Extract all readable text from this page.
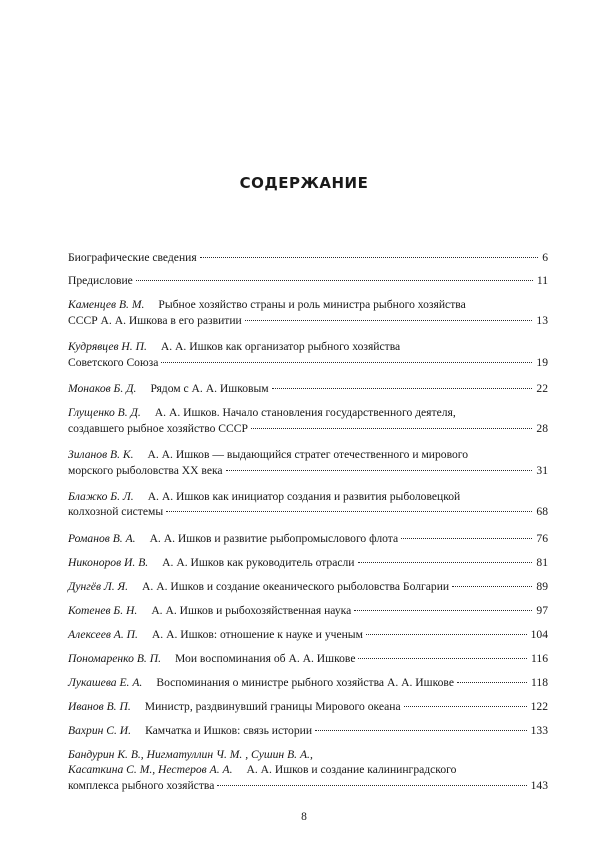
СОДЕРЖАНИЕ
Биографические сведения	6
Предисловие	11
Каменцев В. М. Рыбное хозяйство страны и роль министра рыбного хозяйства
СССР А. А. Ишкова в его развитии	13
Кудрявцев Н. П. А. А. Ишков как организатор рыбного хозяйства
Советского Союза	19
Монаков Б. Д. Рядом с А. А. Ишковым	22
Глущенко В. Д. А. А. Ишков. Начало становления государственного деятеля,
создавшего рыбное хозяйство СССР	28
Зиланов В. К. А. А. Ишков — выдающийся стратег отечественного и мирового
морского рыболовства XX века	31
Блажко Б. Л. А. А. Ишков как инициатор создания и развития рыболовецкой
колхозной системы	68
Романов В. А. А. А. Ишков и развитие рыбопромыслового флота	76
Никоноров И. В. А. А. Ишков как руководитель отрасли	81
Дунгёв Л. Я. А. А. Ишков и создание океанического рыболовства Болгарии	89
Котенев Б. Н. А. А. Ишков и рыбохозяйственная наука	97
Алексеев А. П. А. А. Ишков: отношение к науке и ученым	104
Пономаренко В. П. Мои воспоминания об А. А. Ишкове	116
Лукашева Е. А. Воспоминания о министре рыбного хозяйства А. А. Ишкове	118
Иванов В. П. Министр, раздвинувший границы Мирового океана	122
Вахрин С. И. Камчатка и Ишков: связь истории	133
Бандурин К. В., Нигматуллин Ч. М. , Сушин В. А.,
Касаткина С. М., Нестеров А. А. А. А. Ишков и создание калининградского
комплекса рыбного хозяйства	143
8
